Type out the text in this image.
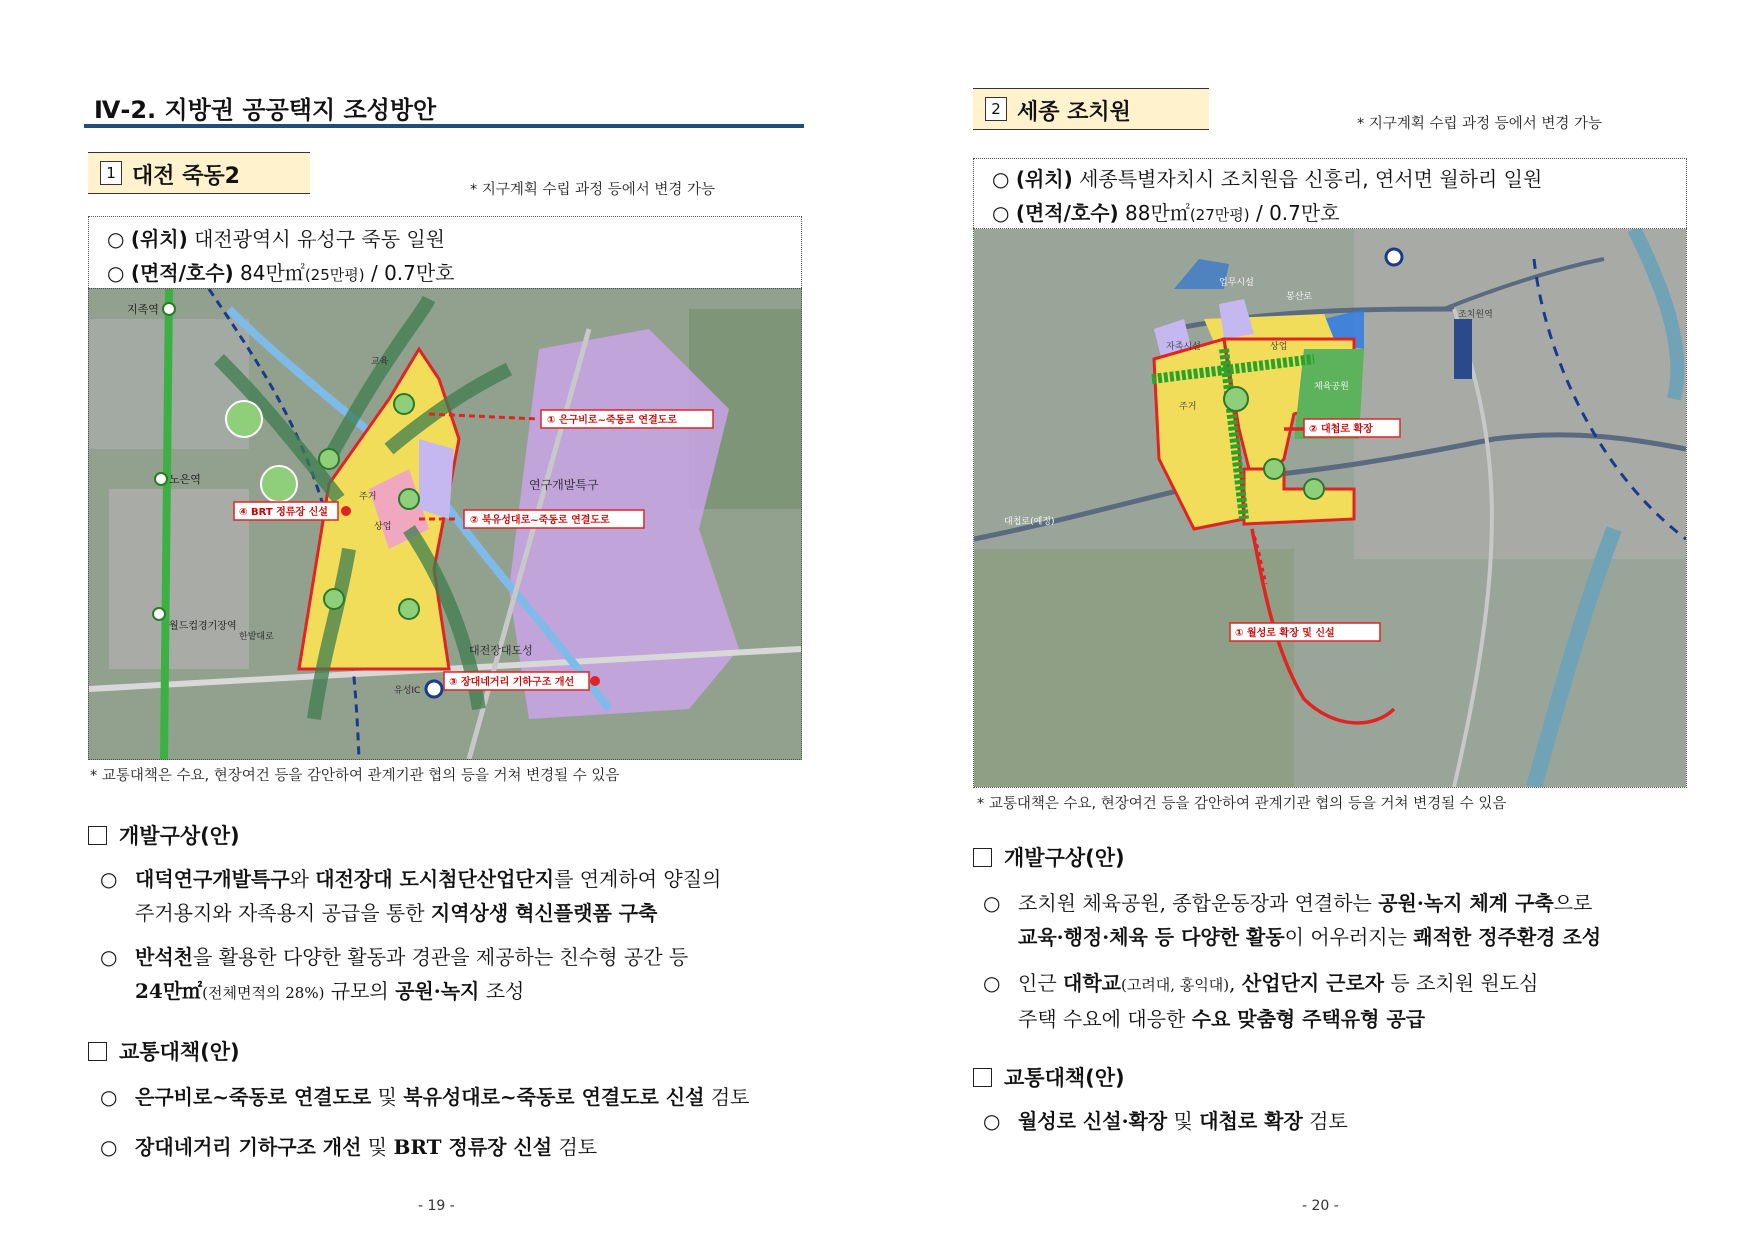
Ⅳ-2. 지방권 공공택지 조성방안
1 대전 죽동2
* 지구계획 수립 과정 등에서 변경 가능
○ (위치) 대전광역시 유성구 죽동 일원
○ (면적/호수) 84만㎡(25만평) / 0.7만호
지족역
노은역
월드컵경기장역
연구개발특구
대전장대도성
주거
교육
상업
한밭대로
유성IC
① 은구비로~죽동로 연결도로
② 북유성대로~죽동로 연결도로
③ 장대네거리 기하구조 개선
④ BRT 정류장 신설
* 교통대책은 수요, 현장여건 등을 감안하여 관계기관 협의 등을 거쳐 변경될 수 있음
개발구상(안)
○ 대덕연구개발특구와 대전장대 도시첨단산업단지를 연계하여 양질의
주거용지와 자족용지 공급을 통한 지역상생 혁신플랫폼 구축
○ 반석천을 활용한 다양한 활동과 경관을 제공하는 친수형 공간 등
24만㎡(전체면적의 28%) 규모의 공원·녹지 조성
교통대책(안)
○ 은구비로~죽동로 연결도로 및 북유성대로~죽동로 연결도로 신설 검토
○ 장대네거리 기하구조 개선 및 BRT 정류장 신설 검토
- 19 -
2 세종 조치원	* 지구계획 수립 과정 등에서 변경 가능
○ (위치) 세종특별자치시 조치원읍 신흥리, 연서면 월하리 일원
○ (면적/호수) 88만㎡(27만평) / 0.7만호
업무시설
자족시설
주거
체육공원
상업
봉산로
대첩로(예정)
조치원역
① 월성로 확장 및 신설
② 대첩로 확장
* 교통대책은 수요, 현장여건 등을 감안하여 관계기관 협의 등을 거쳐 변경될 수 있음
개발구상(안)
○ 조치원 체육공원, 종합운동장과 연결하는 공원·녹지 체계 구축으로
교육·행정·체육 등 다양한 활동이 어우러지는 쾌적한 정주환경 조성
○ 인근 대학교(고려대, 홍익대), 산업단지 근로자 등 조치원 원도심
주택 수요에 대응한 수요 맞춤형 주택유형 공급
교통대책(안)
○ 월성로 신설·확장 및 대첩로 확장 검토
- 20 -
